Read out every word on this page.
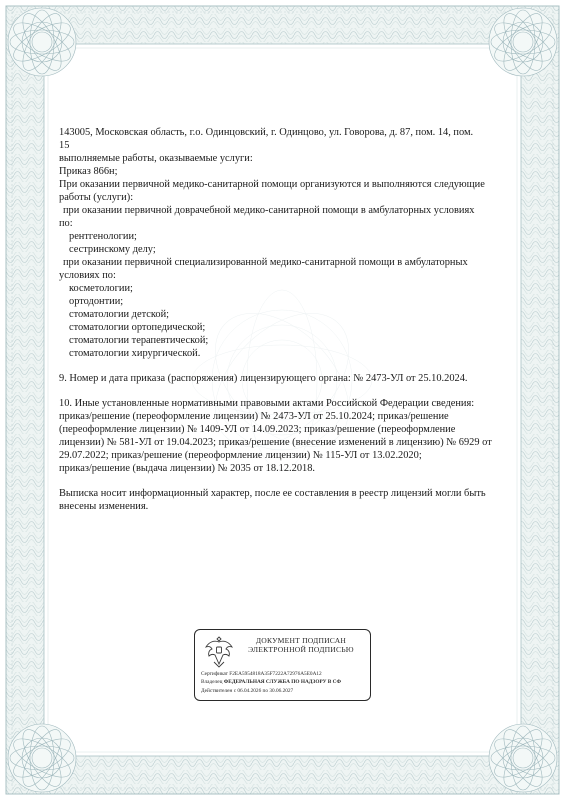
143005, Московская область, г.о. Одинцовский, г. Одинцово, ул. Говорова, д. 87, пом. 14, пом.

15

выполняемые работы, оказываемые услуги:

Приказ 866н;

При оказании первичной медико-санитарной помощи организуются и выполняются следующие

работы (услуги):

при оказании первичной доврачебной медико-санитарной помощи в амбулаторных условиях

по:

рентгенологии;

сестринскому делу;

при оказании первичной специализированной медико-санитарной помощи в амбулаторных

условиях по:

косметологии;

ортодонтии;

стоматологии детской;

стоматологии ортопедической;

стоматологии терапевтической;

стоматологии хирургической.

9. Номер и дата приказа (распоряжения) лицензирующего органа: № 2473-УЛ от 25.10.2024.

10. Иные установленные нормативными правовыми актами Российской Федерации сведения:

приказ/решение (переоформление лицензии) № 2473-УЛ от 25.10.2024; приказ/решение

(переоформление лицензии) № 1409-УЛ от 14.09.2023; приказ/решение (переоформление

лицензии) № 581-УЛ от 19.04.2023; приказ/решение (внесение изменений в лицензию) № 6929 от

29.07.2022; приказ/решение (переоформление лицензии) № 115-УЛ от 13.02.2020;

приказ/решение (выдача лицензии) № 2035 от 18.12.2018.

Выписка носит информационный характер, после ее составления в реестр лицензий могли быть

внесены изменения.

ДОКУМЕНТ ПОДПИСАН
ЭЛЕКТРОННОЙ ПОДПИСЬЮ
Сертификат F2EA5954818A35F7222A72976A5E0A12
Владелец ФЕДЕРАЛЬНАЯ СЛУЖБА ПО НАДЗОРУ В СФ
Действителен с 06.04.2026 по 30.06.2027
